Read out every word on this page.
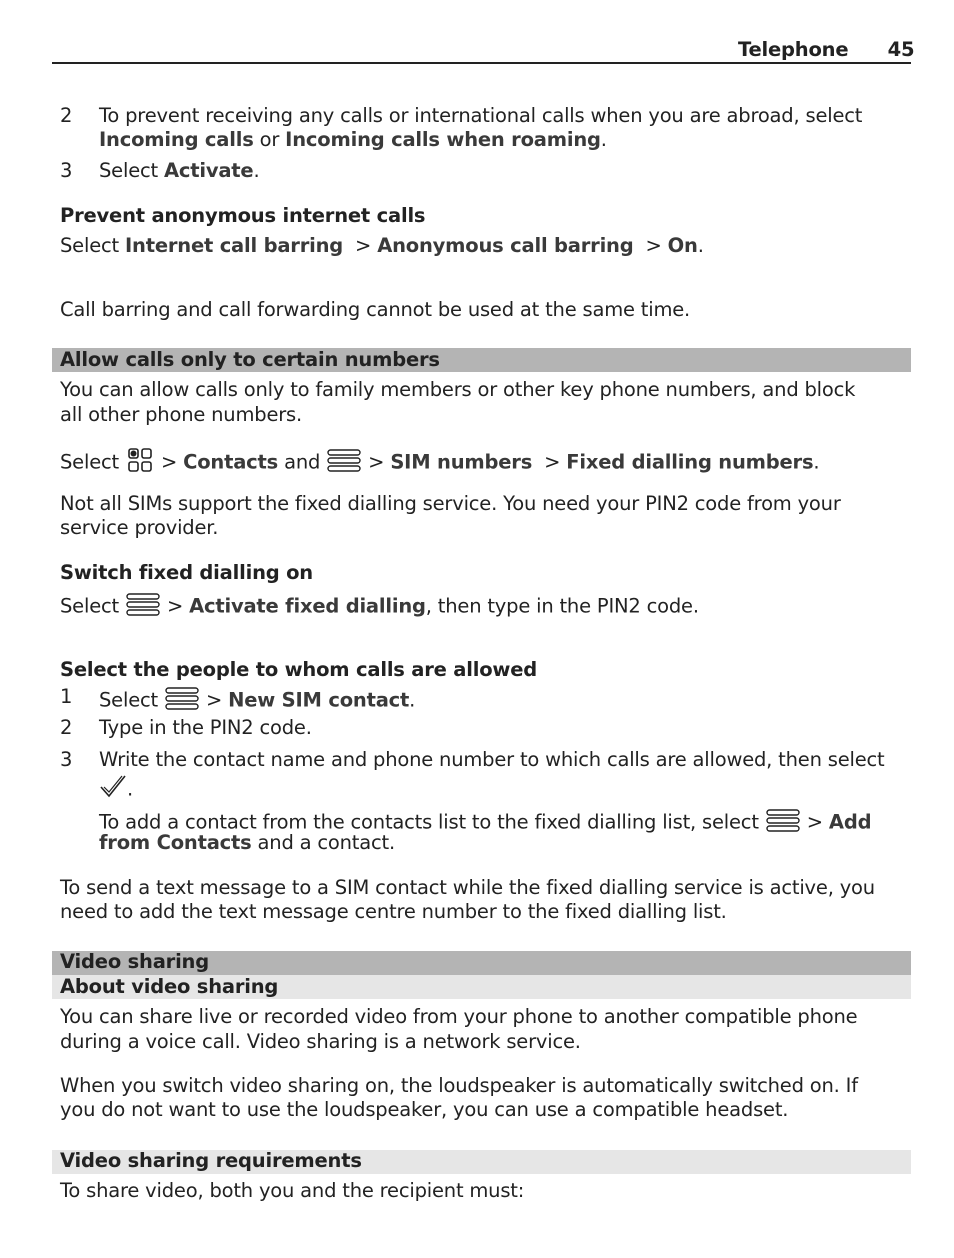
Telephone 45
2 To prevent receiving any calls or international calls when you are abroad, select
Incoming calls or Incoming calls when roaming.
3 Select Activate.
Prevent anonymous internet calls
Select Internet call barring  > Anonymous call barring  > On.
Call barring and call forwarding cannot be used at the same time.
Allow calls only to certain numbers
You can allow calls only to family members or other key phone numbers, and block
all other phone numbers.
Select  > Contacts and  > SIM numbers  > Fixed dialling numbers.
Not all SIMs support the fixed dialling service. You need your PIN2 code from your
service provider.
Switch fixed dialling on
Select  > Activate fixed dialling, then type in the PIN2 code.
Select the people to whom calls are allowed
1 Select  > New SIM contact.
2 Type in the PIN2 code.
3 Write the contact name and phone number to which calls are allowed, then select
.
To add a contact from the contacts list to the fixed dialling list, select  > Add
from Contacts and a contact.
To send a text message to a SIM contact while the fixed dialling service is active, you
need to add the text message centre number to the fixed dialling list.
Video sharing
About video sharing
You can share live or recorded video from your phone to another compatible phone
during a voice call. Video sharing is a network service.
When you switch video sharing on, the loudspeaker is automatically switched on. If
you do not want to use the loudspeaker, you can use a compatible headset.
Video sharing requirements
To share video, both you and the recipient must:
